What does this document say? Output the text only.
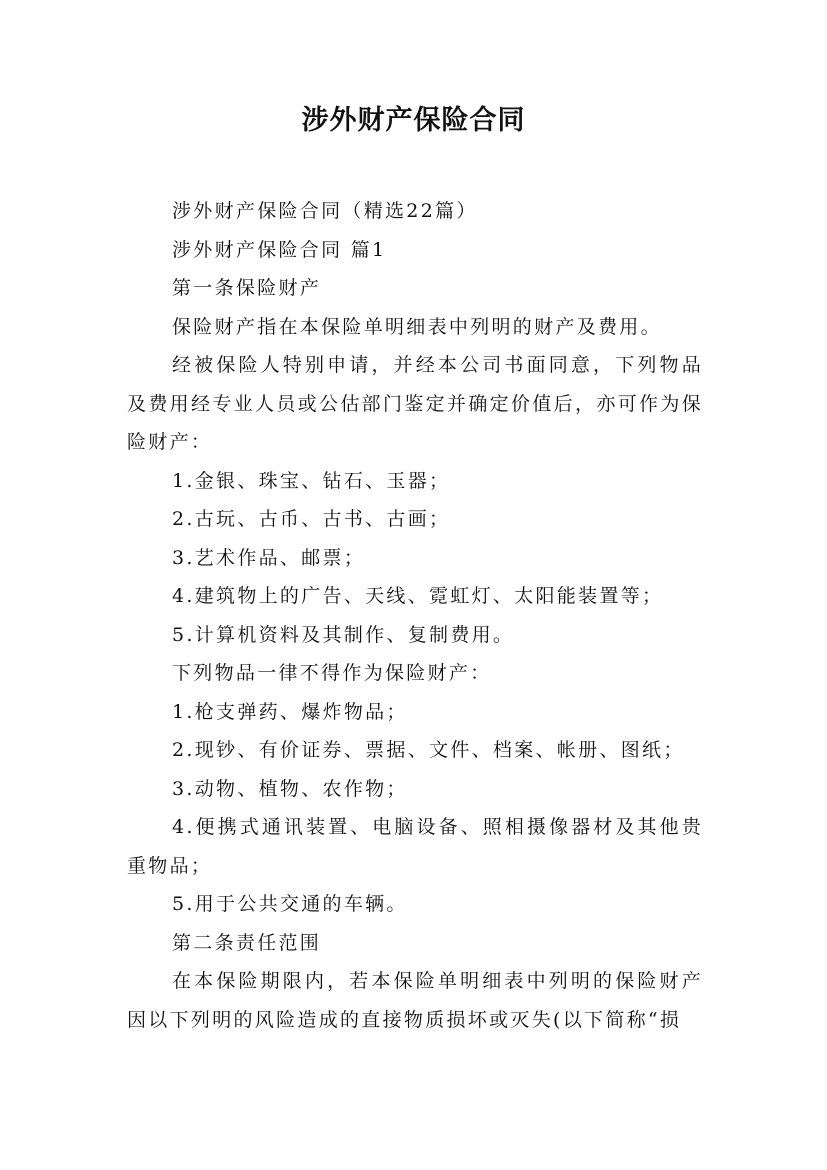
涉外财产保险合同

涉外财产保险合同（精选22篇）

涉外财产保险合同 篇1

第一条保险财产

保险财产指在本保险单明细表中列明的财产及费用。

经被保险人特别申请，并经本公司书面同意，下列物品及费用经专业人员或公估部门鉴定并确定价值后，亦可作为保险财产：

1.金银、珠宝、钻石、玉器；

2.古玩、古币、古书、古画；

3.艺术作品、邮票；

4.建筑物上的广告、天线、霓虹灯、太阳能装置等；

5.计算机资料及其制作、复制费用。

下列物品一律不得作为保险财产：

1.枪支弹药、爆炸物品；

2.现钞、有价证券、票据、文件、档案、帐册、图纸；

3.动物、植物、农作物；

4.便携式通讯装置、电脑设备、照相摄像器材及其他贵重物品；

5.用于公共交通的车辆。

第二条责任范围

在本保险期限内，若本保险单明细表中列明的保险财产因以下列明的风险造成的直接物质损坏或灭失(以下简称“损
